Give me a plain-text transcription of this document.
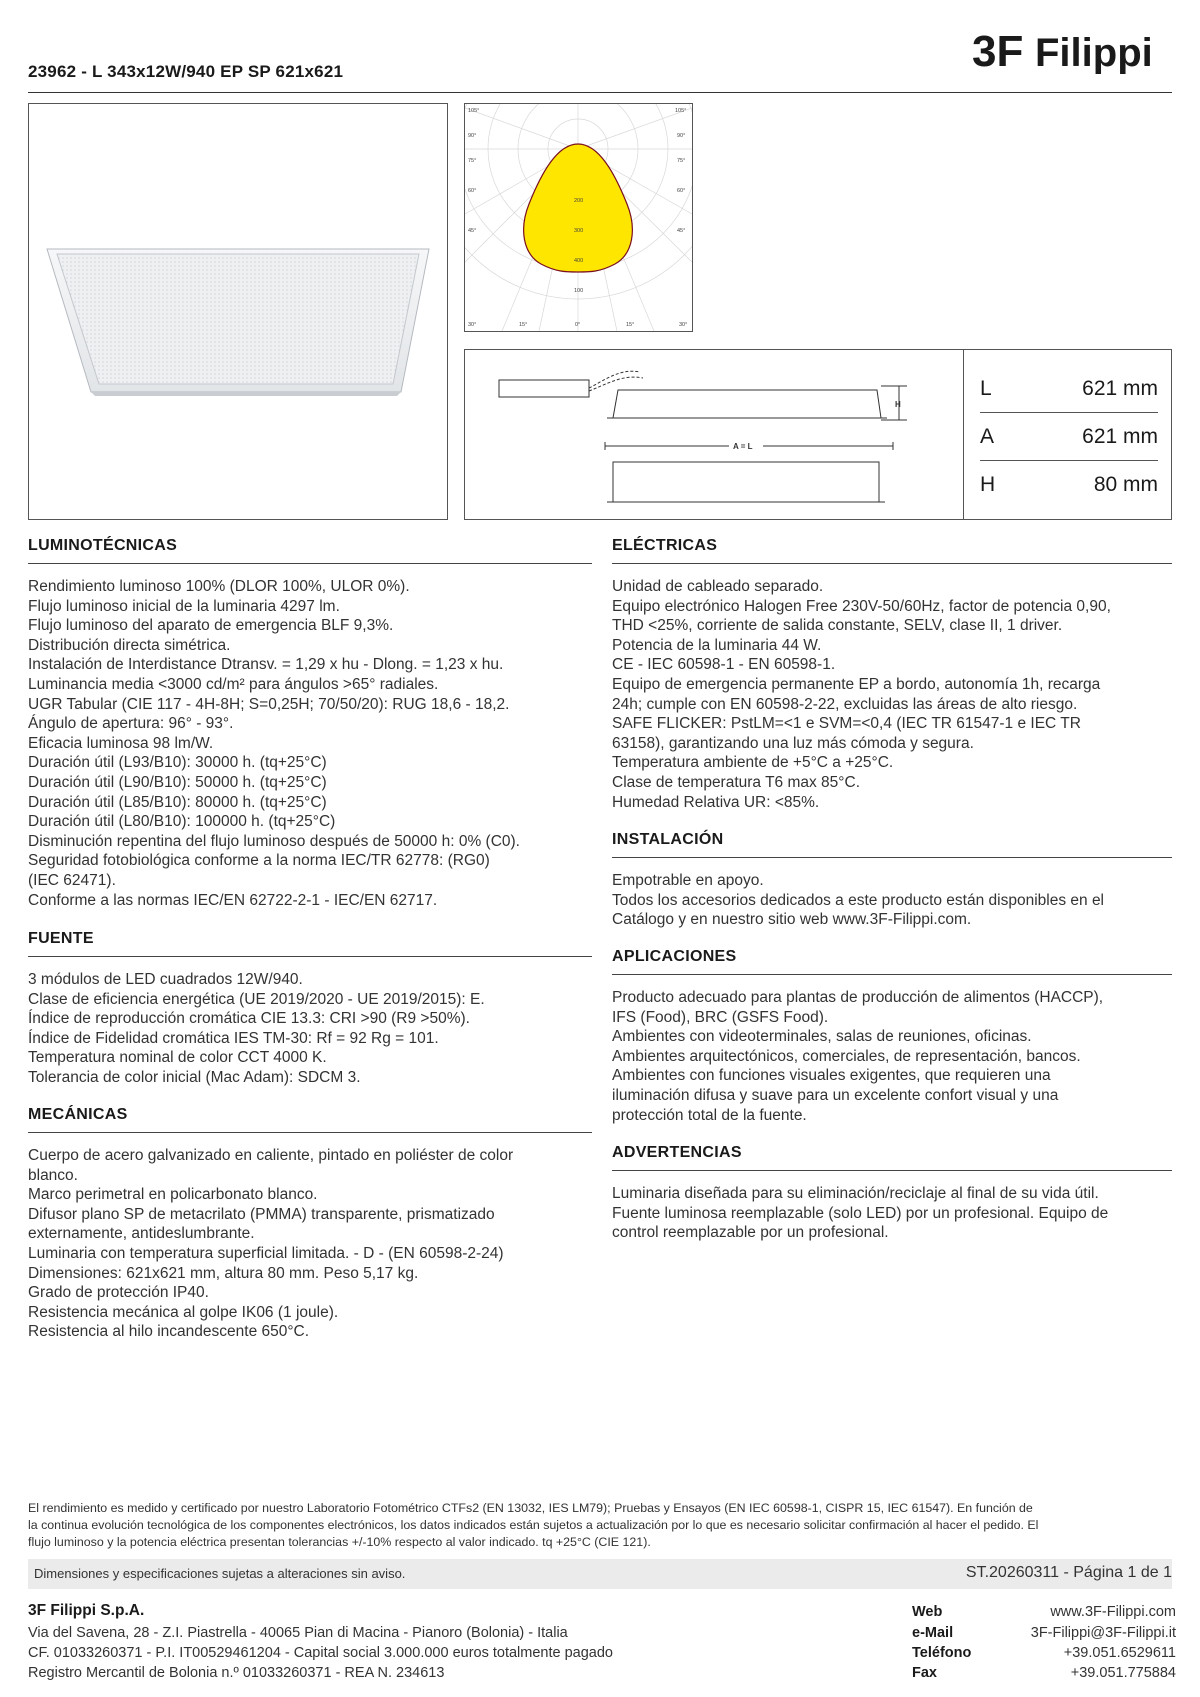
23962 - L 343x12W/940 EP SP 621x621	3F Filippi
105°
90°
75°
60°
45°
105°
90°
75°
60°
45°
30°	15°	0°	15°	30°
200
300
400
100
H
A = L
L	621 mm
A	621 mm
H	80 mm
LUMINOTÉCNICAS
Rendimiento luminoso 100% (DLOR 100%, ULOR 0%).
Flujo luminoso inicial de la luminaria 4297 lm.
Flujo luminoso del aparato de emergencia BLF 9,3%.
Distribución directa simétrica.
Instalación de Interdistance Dtransv. = 1,29 x hu - Dlong. = 1,23 x hu.
Luminancia media <3000 cd/m² para ángulos >65° radiales.
UGR Tabular (CIE 117 - 4H-8H; S=0,25H; 70/50/20): RUG 18,6 - 18,2.
Ángulo de apertura: 96° - 93°.
Eficacia luminosa 98 lm/W.
Duración útil (L93/B10): 30000 h. (tq+25°C)
Duración útil (L90/B10): 50000 h. (tq+25°C)
Duración útil (L85/B10): 80000 h. (tq+25°C)
Duración útil (L80/B10): 100000 h. (tq+25°C)
Disminución repentina del flujo luminoso después de 50000 h: 0% (C0).
Seguridad fotobiológica conforme a la norma IEC/TR 62778: (RG0)
(IEC 62471).
Conforme a las normas IEC/EN 62722-2-1 - IEC/EN 62717.
FUENTE
3 módulos de LED cuadrados 12W/940.
Clase de eficiencia energética (UE 2019/2020 - UE 2019/2015): E.
Índice de reproducción cromática CIE 13.3: CRI >90 (R9 >50%).
Índice de Fidelidad cromática IES TM-30: Rf = 92 Rg = 101.
Temperatura nominal de color CCT 4000 K.
Tolerancia de color inicial (Mac Adam): SDCM 3.
MECÁNICAS
Cuerpo de acero galvanizado en caliente, pintado en poliéster de color
blanco.
Marco perimetral en policarbonato blanco.
Difusor plano SP de metacrilato (PMMA) transparente, prismatizado
externamente, antideslumbrante.
Luminaria con temperatura superficial limitada. - D - (EN 60598-2-24)
Dimensiones: 621x621 mm, altura 80 mm. Peso 5,17 kg.
Grado de protección IP40.
Resistencia mecánica al golpe IK06 (1 joule).
Resistencia al hilo incandescente 650°C.
ELÉCTRICAS
Unidad de cableado separado.
Equipo electrónico Halogen Free 230V-50/60Hz, factor de potencia 0,90,
THD <25%, corriente de salida constante, SELV, clase II, 1 driver.
Potencia de la luminaria 44 W.
CE - IEC 60598-1 - EN 60598-1.
Equipo de emergencia permanente EP a bordo, autonomía 1h, recarga
24h; cumple con EN 60598-2-22, excluidas las áreas de alto riesgo.
SAFE FLICKER: PstLM=<1 e SVM=<0,4 (IEC TR 61547-1 e IEC TR
63158), garantizando una luz más cómoda y segura.
Temperatura ambiente de +5°C a +25°C.
Clase de temperatura T6 max 85°C.
Humedad Relativa UR: <85%.
INSTALACIÓN
Empotrable en apoyo.
Todos los accesorios dedicados a este producto están disponibles en el
Catálogo y en nuestro sitio web www.3F-Filippi.com.
APLICACIONES
Producto adecuado para plantas de producción de alimentos (HACCP),
IFS (Food), BRC (GSFS Food).
Ambientes con videoterminales, salas de reuniones, oficinas.
Ambientes arquitectónicos, comerciales, de representación, bancos.
Ambientes con funciones visuales exigentes, que requieren una
iluminación difusa y suave para un excelente confort visual y una
protección total de la fuente.
ADVERTENCIAS
Luminaria diseñada para su eliminación/reciclaje al final de su vida útil.
Fuente luminosa reemplazable (solo LED) por un profesional. Equipo de
control reemplazable por un profesional.
El rendimiento es medido y certificado por nuestro Laboratorio Fotométrico CTFs2 (EN 13032, IES LM79); Pruebas y Ensayos (EN IEC 60598-1, CISPR 15, IEC 61547). En función de
la continua evolución tecnológica de los componentes electrónicos, los datos indicados están sujetos a actualización por lo que es necesario solicitar confirmación al hacer el pedido. El
flujo luminoso y la potencia eléctrica presentan tolerancias +/-10% respecto al valor indicado. tq +25°C (CIE 121).
Dimensiones y especificaciones sujetas a alteraciones sin aviso.	ST.20260311 - Página 1 de 1
3F Filippi S.p.A.
Via del Savena, 28 - Z.I. Piastrella - 40065 Pian di Macina - Pianoro (Bolonia) - Italia
CF. 01033260371 - P.I. IT00529461204 - Capital social 3.000.000 euros totalmente pagado
Registro Mercantil de Bolonia n.º 01033260371 - REA N. 234613
Web	www.3F-Filippi.com
e-Mail	3F-Filippi@3F-Filippi.it
Teléfono	+39.051.6529611
Fax	+39.051.775884
